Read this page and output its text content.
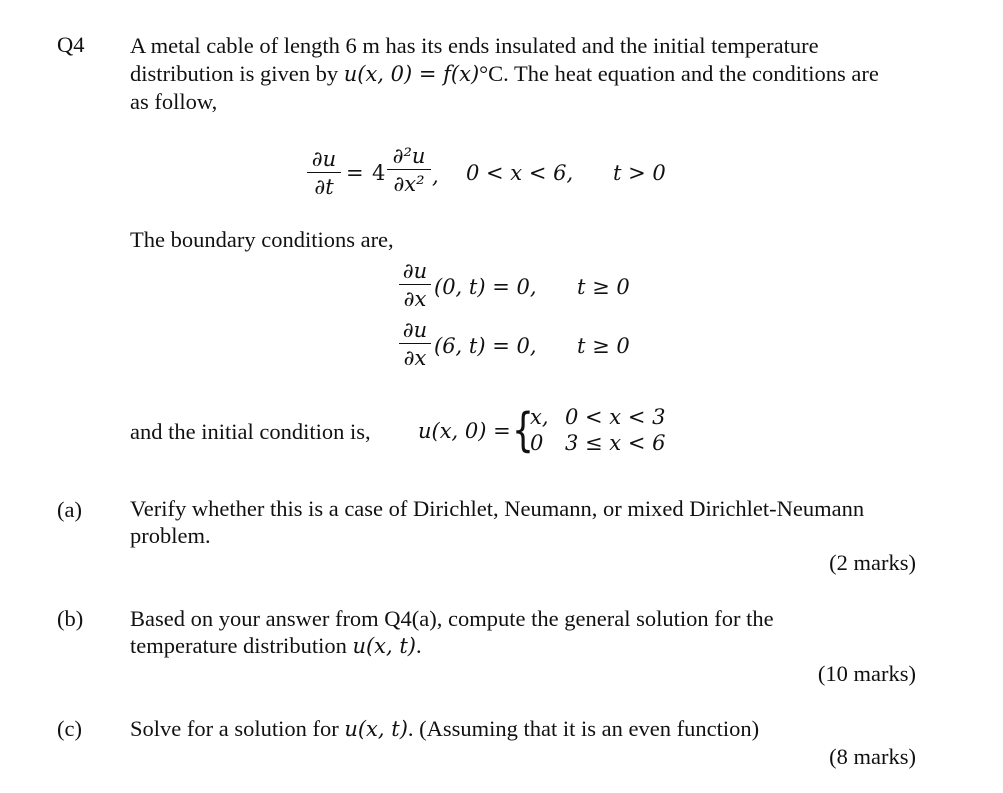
Q4 A metal cable of length 6 m has its ends insulated and the initial temperature
distribution is given by u(x, 0) = f(x)°C. The heat equation and the conditions are
as follow,
∂u
∂t
= 4
∂²u
∂x² , 0 < x < 6, t > 0
The boundary conditions are,
∂u
∂x (0, t) = 0, t ≥ 0
∂u
∂x (6, t) = 0, t ≥ 0
and the initial condition is, u(x, 0) = {
x, 0 < x < 3
0 3 ≤ x < 6
(a) Verify whether this is a case of Dirichlet, Neumann, or mixed Dirichlet-Neumann
problem.
(2 marks)
(b) Based on your answer from Q4(a), compute the general solution for the
temperature distribution u(x, t).
(10 marks)
(c) Solve for a solution for u(x, t). (Assuming that it is an even function)
(8 marks)
